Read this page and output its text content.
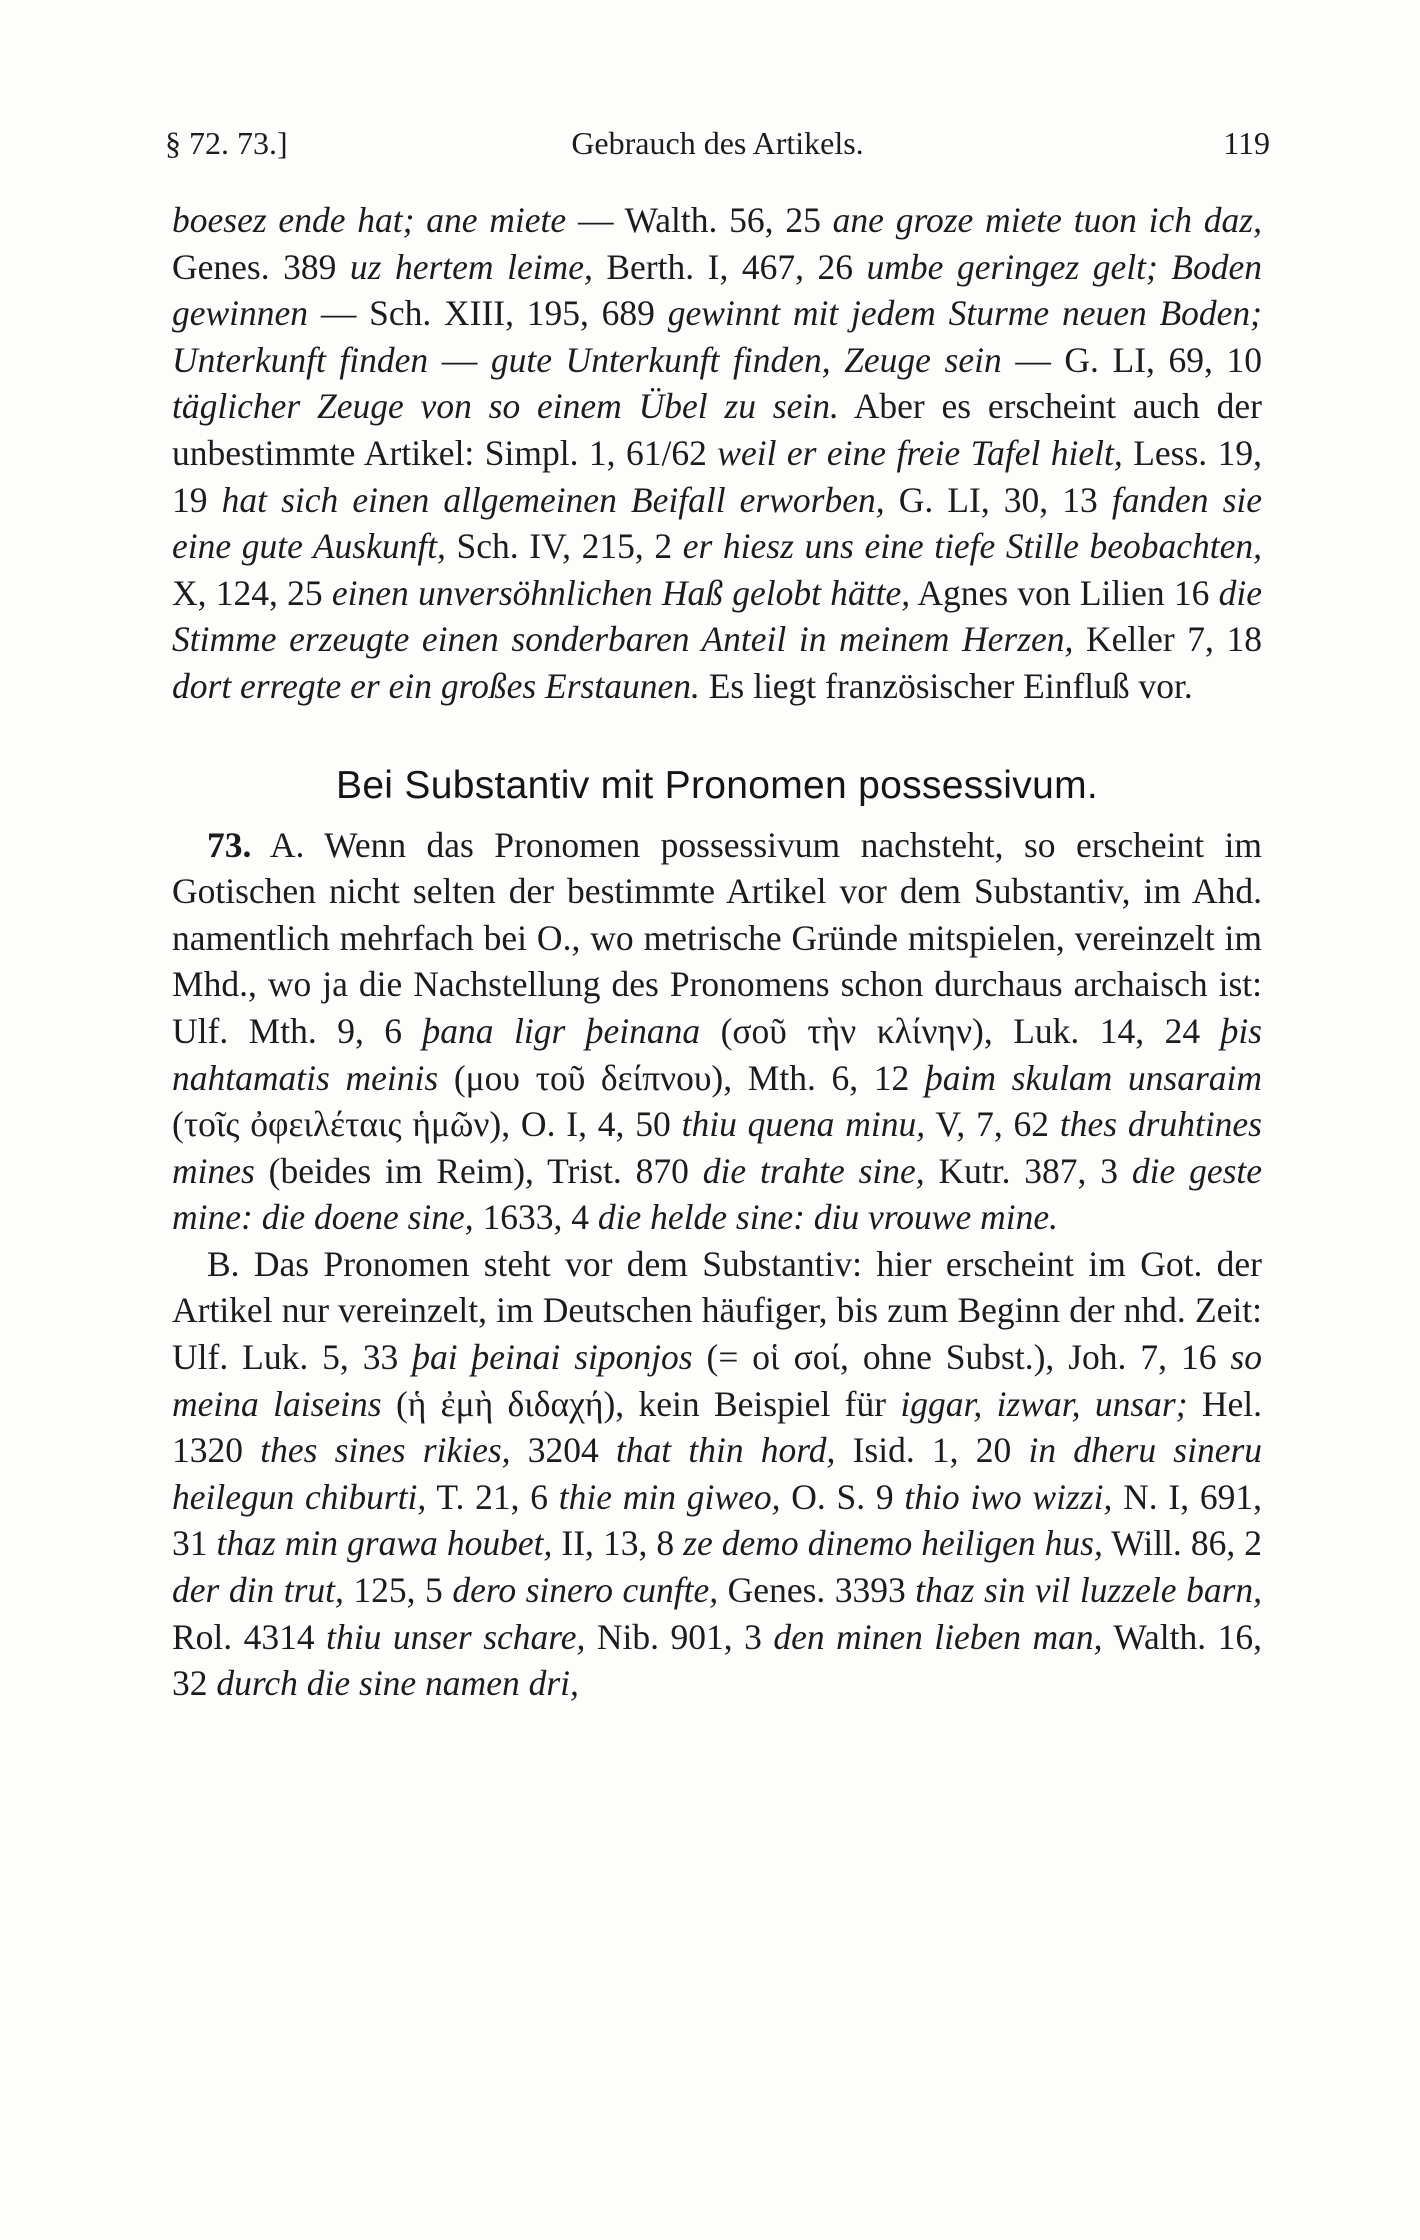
§ 72. 73.]	Gebrauch des Artikels.	119

boesez ende hat; ane miete — Walth. 56, 25 ane groze miete tuon ich daz, Genes. 389 uz hertem leime, Berth. I, 467, 26 umbe geringez gelt; Boden gewinnen — Sch. XIII, 195, 689 gewinnt mit jedem Sturme neuen Boden; Unterkunft finden — gute Unterkunft finden, Zeuge sein — G. LI, 69, 10 täglicher Zeuge von so einem Übel zu sein. Aber es erscheint auch der unbestimmte Artikel: Simpl. 1, 61/62 weil er eine freie Tafel hielt, Less. 19, 19 hat sich einen allgemeinen Beifall erworben, G. LI, 30, 13 fanden sie eine gute Auskunft, Sch. IV, 215, 2 er hiesz uns eine tiefe Stille beobachten, X, 124, 25 einen unversöhnlichen Haß gelobt hätte, Agnes von Lilien 16 die Stimme erzeugte einen sonderbaren Anteil in meinem Herzen, Keller 7, 18 dort erregte er ein großes Erstaunen. Es liegt französischer Einfluß vor.

Bei Substantiv mit Pronomen possessivum.

73. A. Wenn das Pronomen possessivum nachsteht, so erscheint im Gotischen nicht selten der bestimmte Artikel vor dem Substantiv, im Ahd. namentlich mehrfach bei O., wo metrische Gründe mitspielen, vereinzelt im Mhd., wo ja die Nachstellung des Pronomens schon durchaus archaisch ist: Ulf. Mth. 9, 6 þana ligr þeinana (σοῦ τὴν κλίνην), Luk. 14, 24 þis nahtamatis meinis (μου τοῦ δείπνου), Mth. 6, 12 þaim skulam unsaraim (τοῖς ὀφειλέταις ἡμῶν), O. I, 4, 50 thiu quena minu, V, 7, 62 thes druhtines mines (beides im Reim), Trist. 870 die trahte sine, Kutr. 387, 3 die geste mine: die doene sine, 1633, 4 die helde sine: diu vrouwe mine.

B. Das Pronomen steht vor dem Substantiv: hier erscheint im Got. der Artikel nur vereinzelt, im Deutschen häufiger, bis zum Beginn der nhd. Zeit: Ulf. Luk. 5, 33 þai þeinai siponjos (= οἱ σοί, ohne Subst.), Joh. 7, 16 so meina laiseins (ἡ ἐμὴ διδαχή), kein Beispiel für iggar, izwar, unsar; Hel. 1320 thes sines rikies, 3204 that thin hord, Isid. 1, 20 in dheru sineru heilegun chiburti, T. 21, 6 thie min giweo, O. S. 9 thio iwo wizzi, N. I, 691, 31 thaz min grawa houbet, II, 13, 8 ze demo dinemo heiligen hus, Will. 86, 2 der din trut, 125, 5 dero sinero cunfte, Genes. 3393 thaz sin vil luzzele barn, Rol. 4314 thiu unser schare, Nib. 901, 3 den minen lieben man, Walth. 16, 32 durch die sine namen dri,
